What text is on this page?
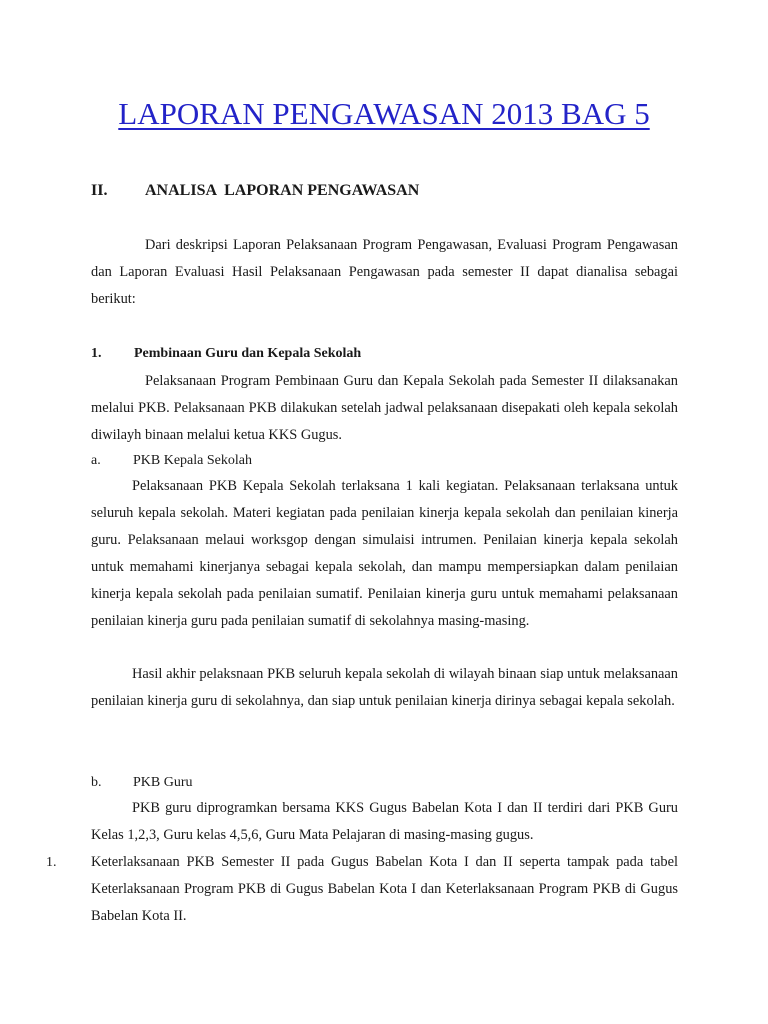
LAPORAN PENGAWASAN 2013 BAG 5
II. ANALISA  LAPORAN PENGAWASAN
Dari deskripsi Laporan Pelaksanaan Program Pengawasan, Evaluasi Program Pengawasan dan Laporan Evaluasi Hasil Pelaksanaan Pengawasan pada semester II dapat dianalisa sebagai berikut:
1. Pembinaan Guru dan Kepala Sekolah
Pelaksanaan Program Pembinaan Guru dan Kepala Sekolah pada Semester II dilaksanakan melalui PKB. Pelaksanaan PKB dilakukan setelah jadwal pelaksanaan disepakati oleh kepala sekolah diwilayh binaan melalui ketua KKS Gugus.
a. PKB Kepala Sekolah
Pelaksanaan PKB Kepala Sekolah terlaksana 1 kali kegiatan. Pelaksanaan terlaksana untuk seluruh kepala sekolah. Materi kegiatan pada penilaian kinerja kepala sekolah dan penilaian kinerja guru. Pelaksanaan melaui worksgop dengan simulaisi intrumen. Penilaian kinerja kepala sekolah untuk memahami kinerjanya sebagai kepala sekolah, dan mampu mempersiapkan dalam penilaian kinerja kepala sekolah pada penilaian sumatif. Penilaian kinerja guru untuk memahami pelaksanaan penilaian kinerja guru pada penilaian sumatif di sekolahnya masing-masing.
Hasil akhir pelaksnaan PKB seluruh kepala sekolah di wilayah binaan siap untuk melaksanaan penilaian kinerja guru di sekolahnya, dan siap untuk penilaian kinerja dirinya sebagai kepala sekolah.
b. PKB Guru
PKB guru diprogramkan bersama KKS Gugus Babelan Kota I dan II terdiri dari PKB Guru Kelas 1,2,3, Guru kelas 4,5,6, Guru Mata Pelajaran di masing-masing gugus.
1. Keterlaksanaan PKB Semester II pada Gugus Babelan Kota I dan II seperta tampak pada tabel Keterlaksanaan Program PKB di Gugus Babelan Kota I dan Keterlaksanaan Program PKB di Gugus Babelan Kota II.
